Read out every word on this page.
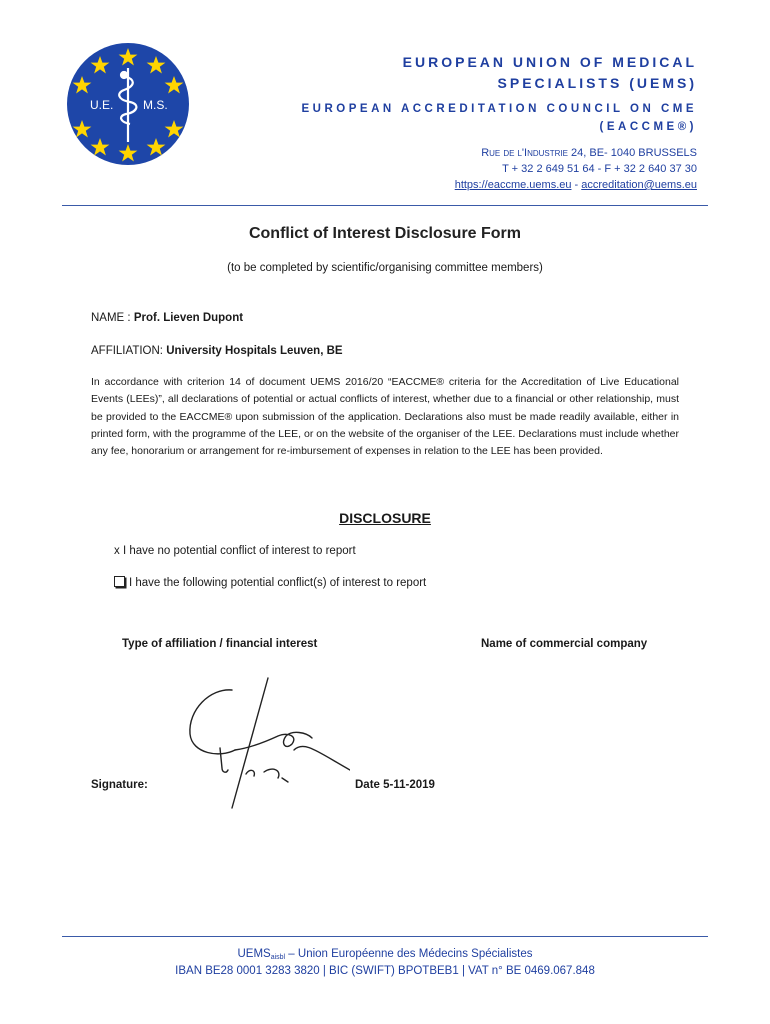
U.E. M.S.
EUROPEAN UNION OF MEDICAL
SPECIALISTS (UEMS)
EUROPEAN ACCREDITATION COUNCIL ON CME
(EACCME®)
Rue de l'Industrie 24, BE- 1040 BRUSSELS
T + 32 2 649 51 64 - F + 32 2 640 37 30
https://eaccme.uems.eu - accreditation@uems.eu
Conflict of Interest Disclosure Form
(to be completed by scientific/organising committee members)
NAME : Prof. Lieven Dupont
AFFILIATION: University Hospitals Leuven, BE
In accordance with criterion 14 of document UEMS 2016/20 “EACCME® criteria for the Accreditation of Live Educational Events (LEEs)”, all declarations of potential or actual conflicts of interest, whether due to a financial or other relationship, must be provided to the EACCME® upon submission of the application. Declarations also must be made readily available, either in printed form, with the programme of the LEE, or on the website of the organiser of the LEE. Declarations must include whether any fee, honorarium or arrangement for re-imbursement of expenses in relation to the LEE has been provided.
DISCLOSURE
x I have no potential conflict of interest to report
I have the following potential conflict(s) of interest to report
Type of affiliation / financial interest	Name of commercial company
Signature:	Date 5-11-2019
$UEMS_{aisbl}$ – Union Européenne des Médecins Spécialistes
IBAN BE28 0001 3283 3820 | BIC (SWIFT) BPOTBEB1 | VAT n° BE 0469.067.848
